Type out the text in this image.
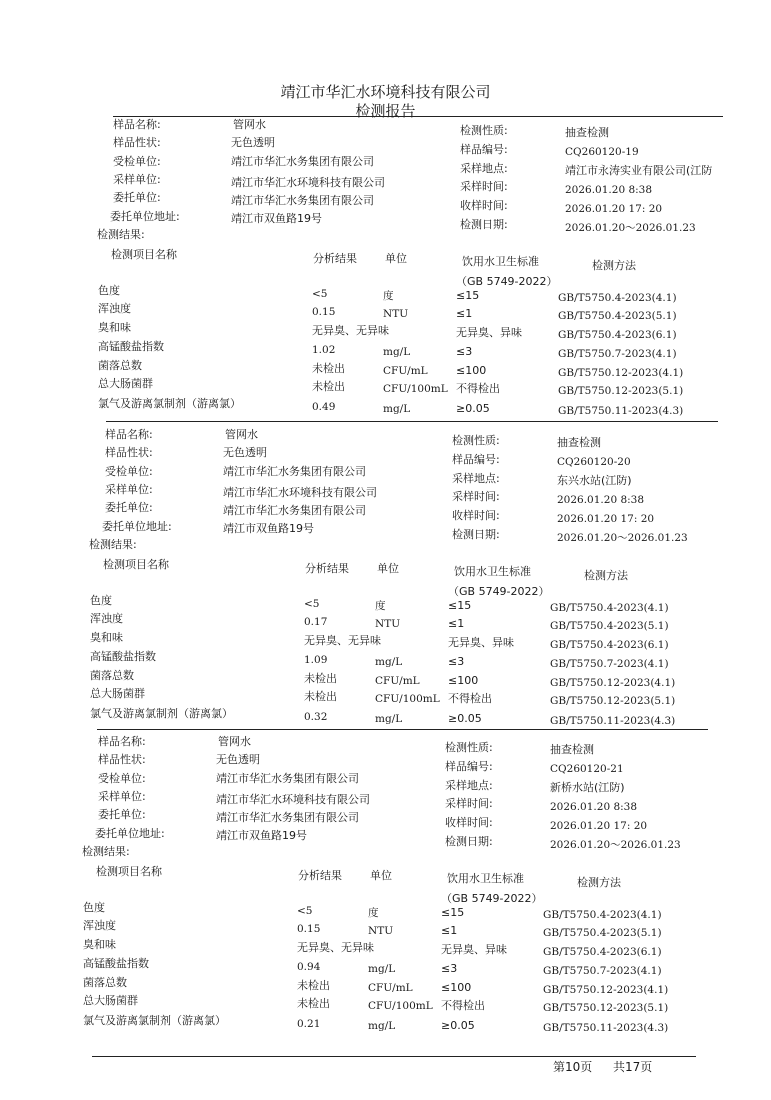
靖江市华汇水环境科技有限公司
检测报告
样品名称:	管网水
样品性状:	无色透明
受检单位:	靖江市华汇水务集团有限公司
采样单位:	靖江市华汇水环境科技有限公司
委托单位:	靖江市华汇水务集团有限公司
委托单位地址:	靖江市双鱼路19号
检测结果:
检测性质:	抽查检测
样品编号:	CQ260120-19
采样地点:	靖江市永涛实业有限公司(江防
采样时间:	2026.01.20 8:38
收样时间:	2026.01.20 17: 20
检测日期:	2026.01.20～2026.01.23
检测项目名称	分析结果	单位	饮用水卫生标准
（GB 5749-2022）
检测方法
色度	<5	度	≤15	GB/T5750.4-2023(4.1)
浑浊度	0.15	NTU	≤1	GB/T5750.4-2023(5.1)
臭和味	无异臭、无异味	无异臭、异味	GB/T5750.4-2023(6.1)
高锰酸盐指数	1.02	mg/L	≤3	GB/T5750.7-2023(4.1)
菌落总数	未检出	CFU/mL	≤100	GB/T5750.12-2023(4.1)
总大肠菌群	未检出	CFU/100mL 不得检出	GB/T5750.12-2023(5.1)
氯气及游离氯制剂（游离氯）	0.49	mg/L	≥0.05	GB/T5750.11-2023(4.3)
样品名称:	管网水
样品性状:	无色透明
受检单位:	靖江市华汇水务集团有限公司
采样单位:	靖江市华汇水环境科技有限公司
委托单位:	靖江市华汇水务集团有限公司
委托单位地址:	靖江市双鱼路19号
检测结果:
检测性质:	抽查检测
样品编号:	CQ260120-20
采样地点:	东兴水站(江防)
采样时间:	2026.01.20 8:38
收样时间:	2026.01.20 17: 20
检测日期:	2026.01.20～2026.01.23
检测项目名称	分析结果	单位	饮用水卫生标准
（GB 5749-2022）
检测方法
色度	<5	度	≤15	GB/T5750.4-2023(4.1)
浑浊度	0.17	NTU	≤1	GB/T5750.4-2023(5.1)
臭和味	无异臭、无异味	无异臭、异味	GB/T5750.4-2023(6.1)
高锰酸盐指数	1.09	mg/L	≤3	GB/T5750.7-2023(4.1)
菌落总数	未检出	CFU/mL	≤100	GB/T5750.12-2023(4.1)
总大肠菌群	未检出	CFU/100mL 不得检出	GB/T5750.12-2023(5.1)
氯气及游离氯制剂（游离氯）	0.32	mg/L	≥0.05	GB/T5750.11-2023(4.3)
样品名称:	管网水
样品性状:	无色透明
受检单位:	靖江市华汇水务集团有限公司
采样单位:	靖江市华汇水环境科技有限公司
委托单位:	靖江市华汇水务集团有限公司
委托单位地址:	靖江市双鱼路19号
检测结果:
检测性质:	抽查检测
样品编号:	CQ260120-21
采样地点:	新桥水站(江防)
采样时间:	2026.01.20 8:38
收样时间:	2026.01.20 17: 20
检测日期:	2026.01.20～2026.01.23
检测项目名称	分析结果	单位	饮用水卫生标准
（GB 5749-2022）
检测方法
色度	<5	度	≤15	GB/T5750.4-2023(4.1)
浑浊度	0.15	NTU	≤1	GB/T5750.4-2023(5.1)
臭和味	无异臭、无异味	无异臭、异味	GB/T5750.4-2023(6.1)
高锰酸盐指数	0.94	mg/L	≤3	GB/T5750.7-2023(4.1)
菌落总数	未检出	CFU/mL	≤100	GB/T5750.12-2023(4.1)
总大肠菌群	未检出	CFU/100mL 不得检出	GB/T5750.12-2023(5.1)
氯气及游离氯制剂（游离氯）	0.21	mg/L	≥0.05	GB/T5750.11-2023(4.3)
第10页 共17页
